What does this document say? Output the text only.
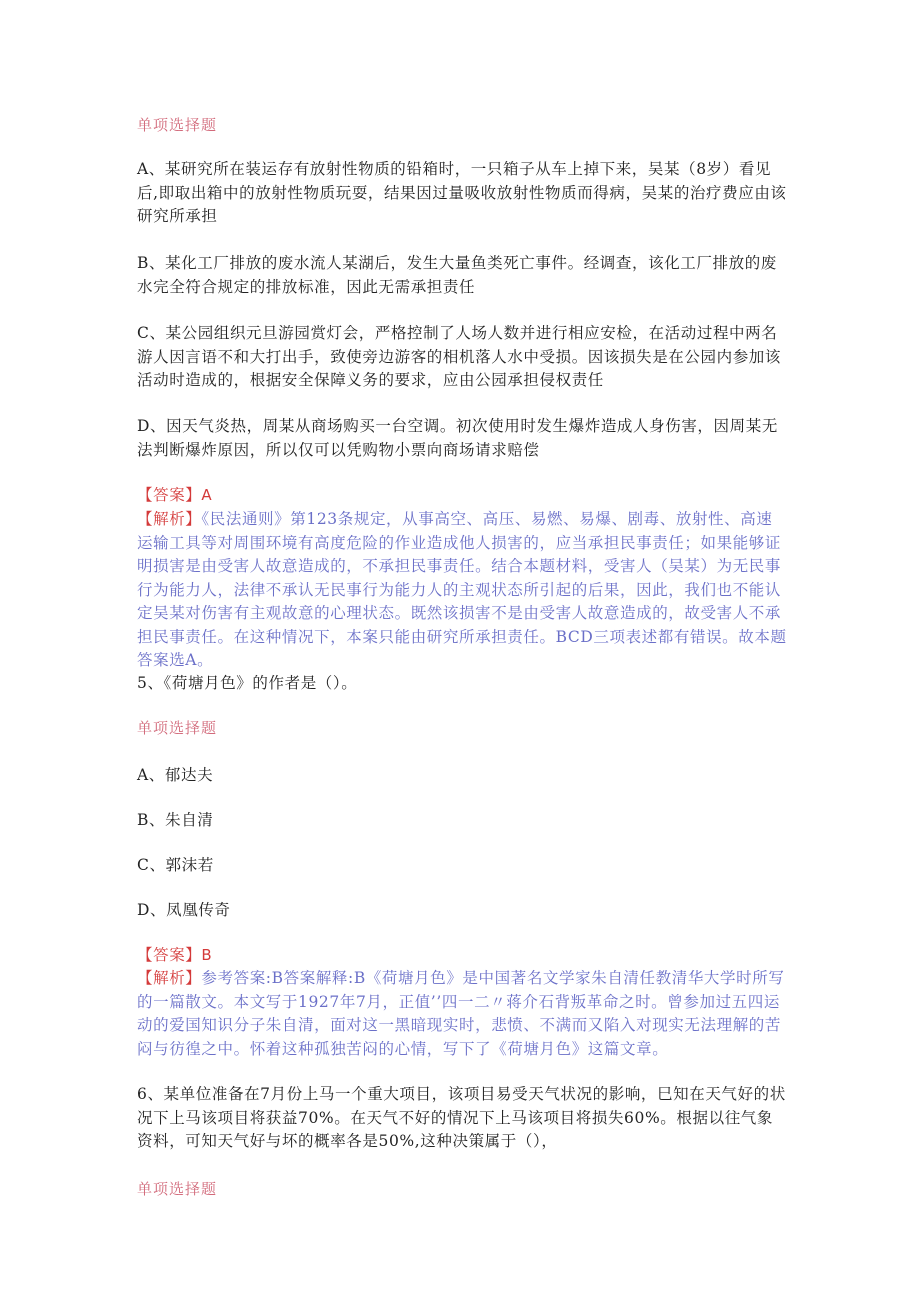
单项选择题
A、某研究所在装运存有放射性物质的铅箱时，一只箱子从车上掉下来，吴某（8岁）看见后,即取出箱中的放射性物质玩耍，结果因过量吸收放射性物质而得病，吴某的治疗费应由该研究所承担
B、某化工厂排放的废水流人某湖后，发生大量鱼类死亡事件。经调查，该化工厂排放的废水完全符合规定的排放标准，因此无需承担责任
C、某公园组织元旦游园赏灯会，严格控制了人场人数并进行相应安检，在活动过程中两名游人因言语不和大打出手，致使旁边游客的相机落人水中受损。因该损失是在公园内参加该活动时造成的，根据安全保障义务的要求，应由公园承担侵权责任
D、因天气炎热，周某从商场购买一台空调。初次使用时发生爆炸造成人身伤害，因周某无法判断爆炸原因，所以仅可以凭购物小票向商场请求赔偿
【答案】A
【解析】《民法通则》第123条规定，从事高空、高压、易燃、易爆、剧毒、放射性、高速运输工具等对周围环境有高度危险的作业造成他人损害的，应当承担民事责任；如果能够证明损害是由受害人故意造成的，不承担民事责任。结合本题材料，受害人（吴某）为无民事行为能力人，法律不承认无民事行为能力人的主观状态所引起的后果，因此，我们也不能认定吴某对伤害有主观故意的心理状态。既然该损害不是由受害人故意造成的，故受害人不承担民事责任。在这种情况下，本案只能由研究所承担责任。BCD三项表述都有错误。故本题答案选A。
5、《荷塘月色》的作者是（）。
单项选择题
A、郁达夫
B、朱自清
C、郭沫若
D、凤凰传奇
【答案】B
【解析】参考答案:B答案解释:B《荷塘月色》是中国著名文学家朱自清任教清华大学时所写的一篇散文。本文写于1927年7月，正值’’四一二〃蒋介石背叛革命之时。曾参加过五四运动的爱国知识分子朱自清，面对这一黑暗现实时，悲愤、不满而又陷入对现实无法理解的苦闷与彷徨之中。怀着这种孤独苦闷的心情，写下了《荷塘月色》这篇文章。
6、某单位准备在7月份上马一个重大项目，该项目易受天气状况的影响，巳知在天气好的状况下上马该项目将获益70%。在天气不好的情况下上马该项目将损失60%。根据以往气象资料，可知天气好与坏的概率各是50%,这种决策属于（），
单项选择题
